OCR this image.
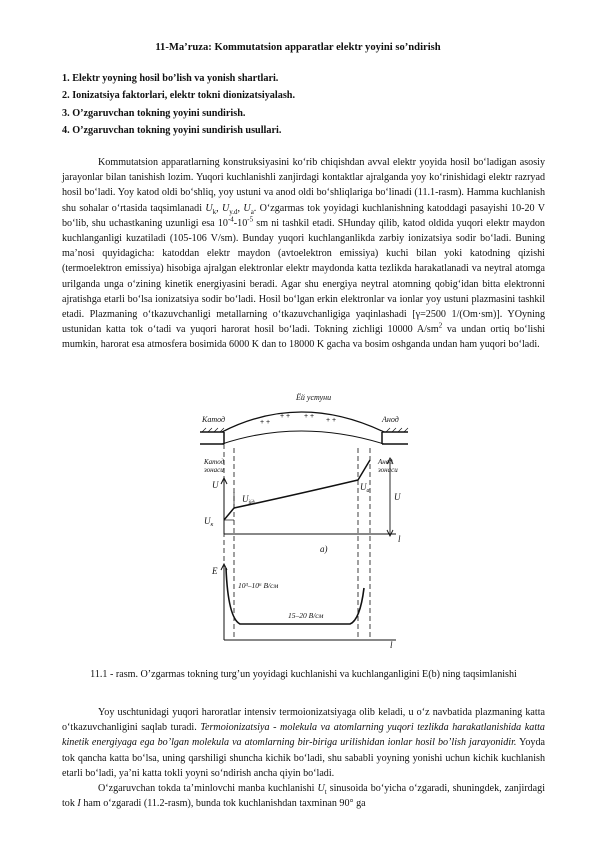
11-Ma’ruza: Kommutatsion apparatlar elektr yoyini so’ndirish
1. Elektr yoyning hosil bo’lish va yonish shartlari.
2. Ionizatsiya faktorlari, elektr tokni dionizatsiyalash.
3. O’zgaruvchan tokning yoyini sundirish.
4. O’zgaruvchan tokning yoyini sundirish usullari.

Kommutatsion apparatlarning konstruksiyasini ko‘rib chiqishdan avval elektr yoyida hosil bo‘ladigan asosiy jarayonlar bilan tanishish lozim. Yuqori kuchlanishli zanjirdagi kontaktlar ajralganda yoy ko‘rinishidagi elektr razryad hosil bo‘ladi. Yoy katod oldi bo‘shliq, yoy ustuni va anod oldi bo‘shliqlariga bo‘linadi (11.1-rasm). Hamma kuchlanish shu sohalar o‘rtasida taqsimlanadi $U_k$, $U_{y.d}$, $U_a$. O‘zgarmas tok yoyidagi kuchlanishning katoddagi pasayishi 10-20 V bo‘lib, shu uchastkaning uzunligi esa $10^{-4}-10^{-5}$ sm ni tashkil etadi. SHunday qilib, katod oldida yuqori elektr maydon kuchlanganligi kuzatiladi (105-106 V/sm). Bunday yuqori kuchlanganlikda zarbiy ionizatsiya sodir bo‘ladi. Buning ma’nosi quyidagicha: katoddan elektr maydon (avtoelektron emissiya) kuchi bilan yoki katodning qizishi (termoelektron emissiya) hisobiga ajralgan elektronlar elektr maydonda katta tezlikda harakatlanadi va neytral atomga urilganda unga o‘zining kinetik energiyasini beradi. Agar shu energiya neytral atomning qobig‘idan bitta elektronni ajratishga etarli bo‘lsa ionizatsiya sodir bo‘ladi. Hosil bo‘lgan erkin elektronlar va ionlar yoy ustuni plazmasini tashkil etadi. Plazmaning o‘tkazuvchanligi metallarning o‘tkazuvchanligiga yaqinlashadi [γ=2500 1/(Om·sm)]. YOyning ustunidan katta tok o‘tadi va yuqori harorat hosil bo‘ladi. Tokning zichligi 10000 $A/sm^2$ va undan ortiq bo‘lishi mumkin, harorat esa atmosfera bosimida 6000 K dan to 18000 K gacha va bosim oshganda undan ham yuqori bo‘ladi.

+ +
+ + + +
+ +
Катод
Ёй устуни
Анод
Катод
зонаси
Анод
зонаси
U
$U_к$
$U_{йд}$
$U_а$
U
l
а)
E
10³–10⁶ В/см
15–20 В/см
l
11.1 - rasm. O’zgarmas tokning turg’un yoyidagi kuchlanishi va kuchlanganligini E(b) ning taqsimlanishi

Yoy uschtunidagi yuqori haroratlar intensiv termoionizatsiyaga olib keladi, u o‘z navbatida plazmaning katta o‘tkazuvchanligini saqlab turadi. Termoionizatsiya - molekula va atomlarning yuqori tezlikda harakatlanishida katta kinetik energiyaga ega bo’lgan molekula va atomlarning bir-biriga urilishidan ionlar hosil bo’lish jarayonidir. Yoyda tok qancha katta bo‘lsa, uning qarshiligi shuncha kichik bo‘ladi, shu sababli yoyning yonishi uchun kichik kuchlanish etarli bo‘ladi, ya’ni katta tokli yoyni so‘ndirish ancha qiyin bo‘ladi.

O‘zgaruvchan tokda ta’minlovchi manba kuchlanishi $U_t$ sinusoida bo‘yicha o‘zgaradi, shuningdek, zanjirdagi tok I ham o‘zgaradi (11.2-rasm), bunda tok kuchlanishdan taxminan 90° ga
